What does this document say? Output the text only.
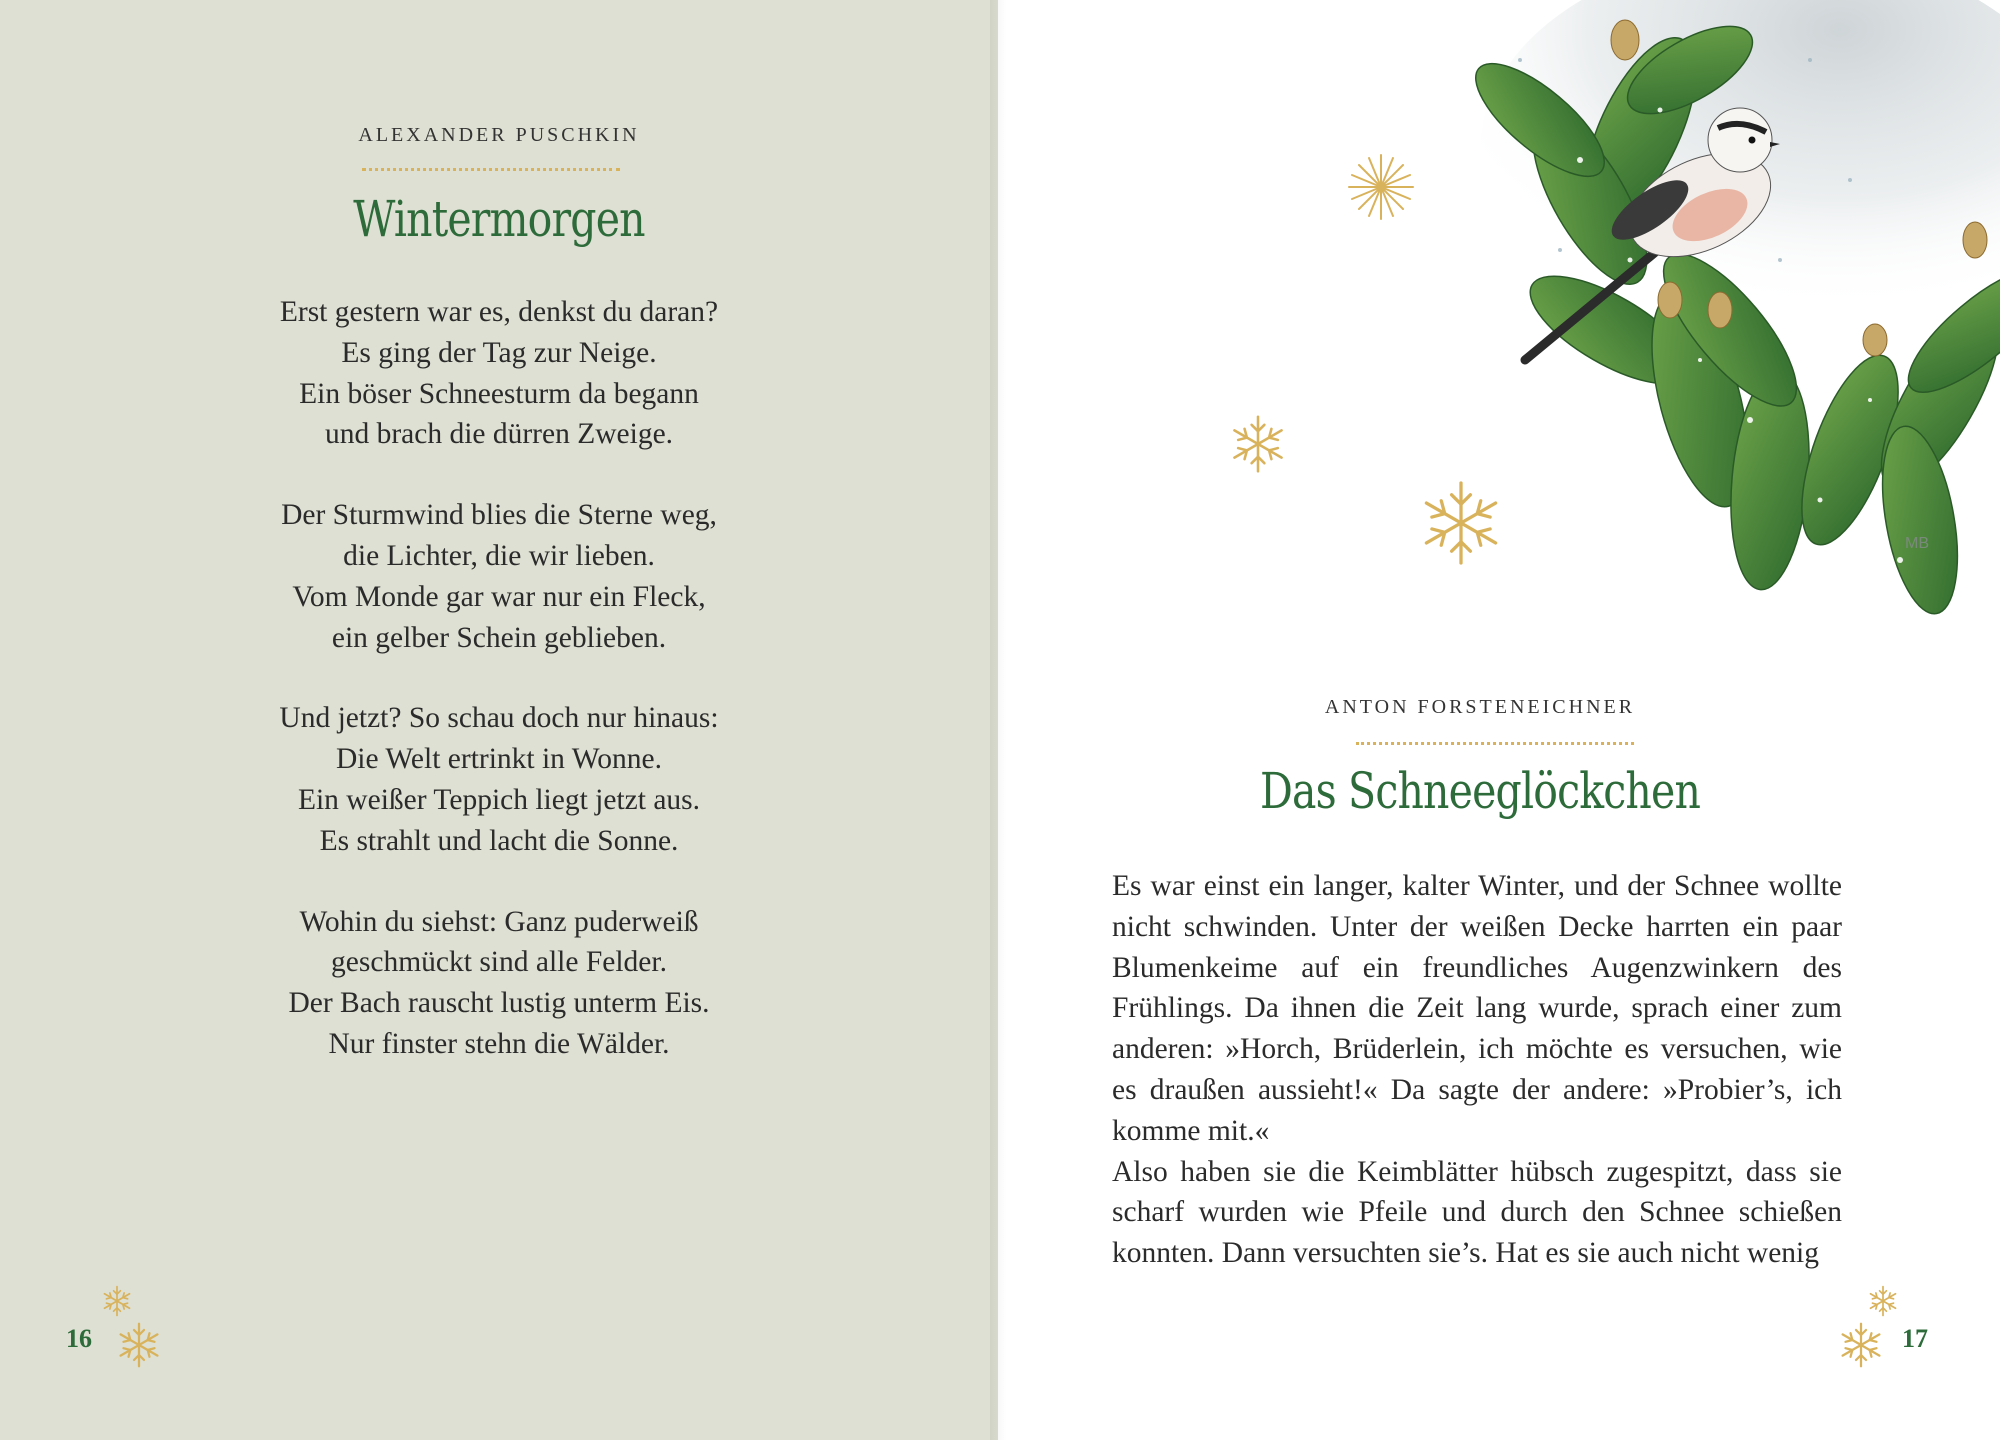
ALEXANDER PUSCHKIN
Wintermorgen
Erst gestern war es, denkst du daran?
Es ging der Tag zur Neige.
Ein böser Schneesturm da begann
und brach die dürren Zweige.
Der Sturmwind blies die Sterne weg,
die Lichter, die wir lieben.
Vom Monde gar war nur ein Fleck,
ein gelber Schein geblieben.
Und jetzt? So schau doch nur hinaus:
Die Welt ertrinkt in Wonne.
Ein weißer Teppich liegt jetzt aus.
Es strahlt und lacht die Sonne.
Wohin du siehst: Ganz puderweiß
geschmückt sind alle Felder.
Der Bach rauscht lustig unterm Eis.
Nur finster stehn die Wälder.
16
MB
ANTON FORSTENEICHNER
Das Schneeglöckchen

Es war einst ein langer, kalter Winter, und der Schnee wollte nicht schwinden. Unter der weißen Decke harrten ein paar Blumenkeime auf ein freundliches Augenzwinkern des Frühlings. Da ihnen die Zeit lang wurde, sprach einer zum anderen: »Horch, Brüderlein, ich möchte es versuchen, wie es draußen aussieht!« Da sagte der andere: »Probier’s, ich komme mit.«

Also haben sie die Keimblätter hübsch zugespitzt, dass sie scharf wurden wie Pfeile und durch den Schnee schießen konnten. Dann versuchten sie’s. Hat es sie auch nicht wenig

17
